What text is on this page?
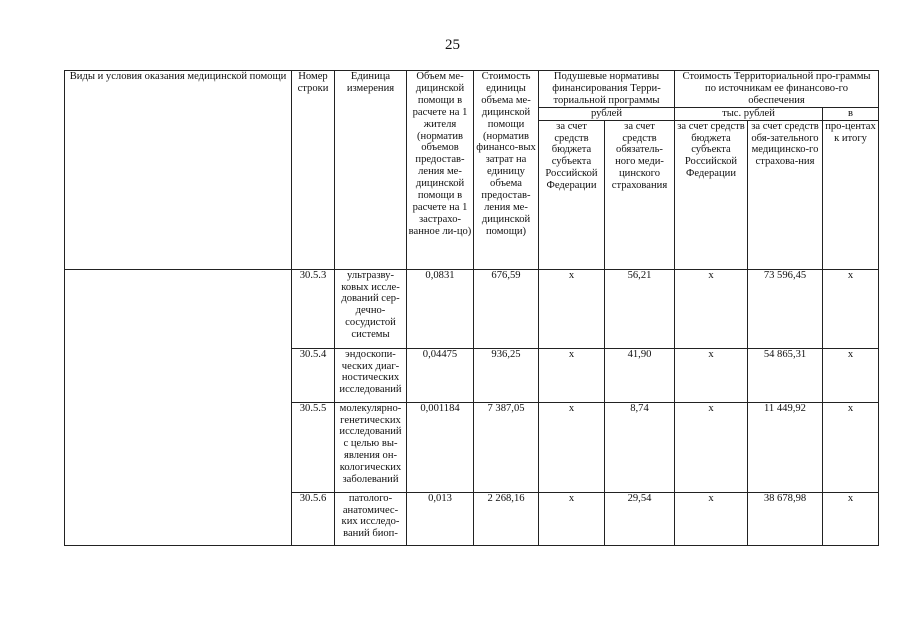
25
Виды и условия оказания медицинской помощи	Номер строки	Единица измерения	Объем ме-дицинской помощи в расчете на 1 жителя (норматив объемов предостав-ления ме-дицинской помощи в расчете на 1 застрахо-ванное ли-цо)	Стоимость единицы объема ме-дицинской помощи (норматив финансо-вых затрат на единицу объема предостав-ления ме-дицинской помощи)	Подушевые нормативы финансирования Терри-ториальной программы		Стоимость Территориальной про-граммы по источникам ее финансово-го обеспечения		
					рублей		тыс. рублей		в
					за счет средств бюджета субъекта Российской Федерации	за счет средств обязатель-ного меди-цинского страхования	за счет средств бюджета субъекта Российской Федерации	за счет средств обя-зательного медицинско-го страхова-ния	про-центах к итогу
	30.5.3	ультразву-ковых иссле-дований сер-дечно-сосудистой системы	0,0831	676,59	x	56,21	x	73 596,45	x
	30.5.4	эндоскопи-ческих диаг-ностических исследований	0,04475	936,25	x	41,90	x	54 865,31	x
	30.5.5	молекулярно-генетических исследований с целью вы-явления он-кологических заболеваний	0,001184	7 387,05	x	8,74	x	11 449,92	x
	30.5.6	патолого-анатомичес-ких исследо-ваний биоп-	0,013	2 268,16	x	29,54	x	38 678,98	x
